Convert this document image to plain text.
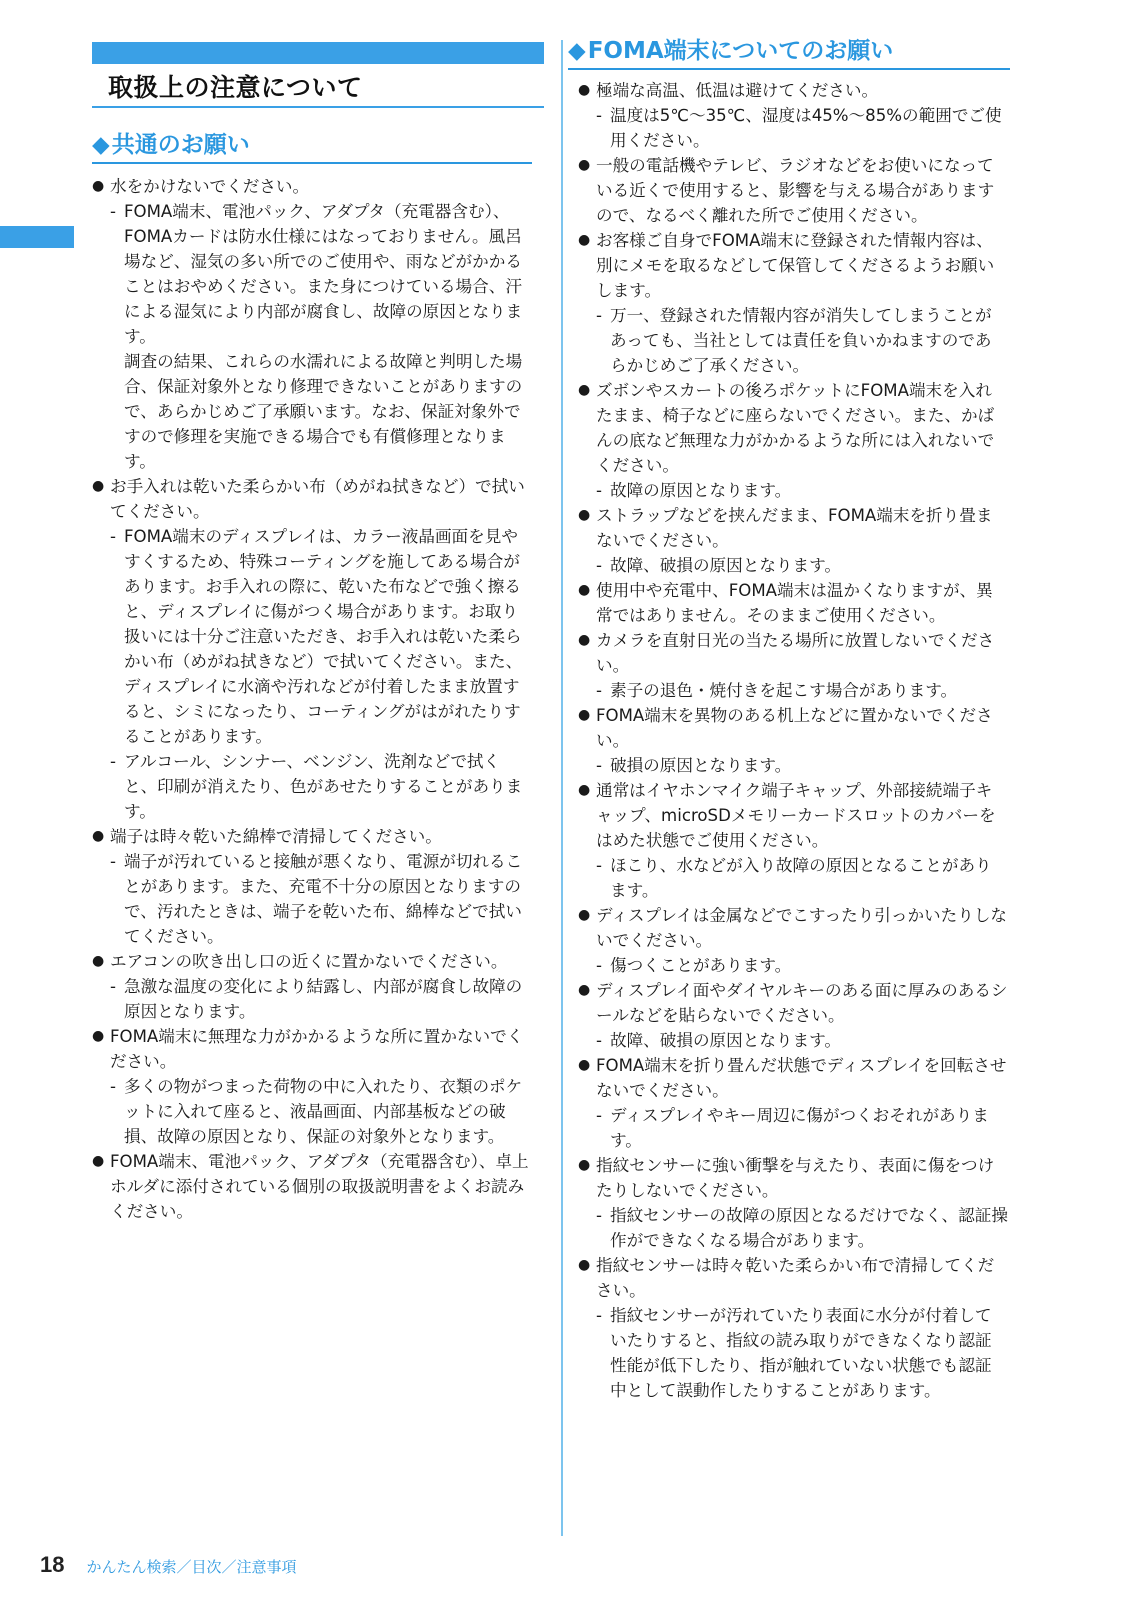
取扱上の注意について
◆共通のお願い
● 水をかけないでください。
- FOMA端末、電池パック、アダプタ（充電器含む）、FOMAカードは防水仕様にはなっておりません。風呂場など、湿気の多い所でのご使用や、雨などがかかることはおやめください。また身につけている場合、汗による湿気により内部が腐食し、故障の原因となります。
調査の結果、これらの水濡れによる故障と判明した場合、保証対象外となり修理できないことがありますので、あらかじめご了承願います。なお、保証対象外ですので修理を実施できる場合でも有償修理となります。
● お手入れは乾いた柔らかい布（めがね拭きなど）で拭いてください。
- FOMA端末のディスプレイは、カラー液晶画面を見やすくするため、特殊コーティングを施してある場合があります。お手入れの際に、乾いた布などで強く擦ると、ディスプレイに傷がつく場合があります。お取り扱いには十分ご注意いただき、お手入れは乾いた柔らかい布（めがね拭きなど）で拭いてください。また、ディスプレイに水滴や汚れなどが付着したまま放置すると、シミになったり、コーティングがはがれたりすることがあります。
- アルコール、シンナー、ベンジン、洗剤などで拭くと、印刷が消えたり、色があせたりすることがあります。
● 端子は時々乾いた綿棒で清掃してください。
- 端子が汚れていると接触が悪くなり、電源が切れることがあります。また、充電不十分の原因となりますので、汚れたときは、端子を乾いた布、綿棒などで拭いてください。
● エアコンの吹き出し口の近くに置かないでください。
- 急激な温度の変化により結露し、内部が腐食し故障の原因となります。
● FOMA端末に無理な力がかかるような所に置かないでください。
- 多くの物がつまった荷物の中に入れたり、衣類のポケットに入れて座ると、液晶画面、内部基板などの破損、故障の原因となり、保証の対象外となります。
● FOMA端末、電池パック、アダプタ（充電器含む）、卓上ホルダに添付されている個別の取扱説明書をよくお読みください。
◆FOMA端末についてのお願い
● 極端な高温、低温は避けてください。
- 温度は5℃～35℃、湿度は45%～85%の範囲でご使用ください。
● 一般の電話機やテレビ、ラジオなどをお使いになっている近くで使用すると、影響を与える場合がありますので、なるべく離れた所でご使用ください。
● お客様ご自身でFOMA端末に登録された情報内容は、別にメモを取るなどして保管してくださるようお願いします。
- 万一、登録された情報内容が消失してしまうことがあっても、当社としては責任を負いかねますのであらかじめご了承ください。
● ズボンやスカートの後ろポケットにFOMA端末を入れたまま、椅子などに座らないでください。また、かばんの底など無理な力がかかるような所には入れないでください。
- 故障の原因となります。
● ストラップなどを挟んだまま、FOMA端末を折り畳まないでください。
- 故障、破損の原因となります。
● 使用中や充電中、FOMA端末は温かくなりますが、異常ではありません。そのままご使用ください。
● カメラを直射日光の当たる場所に放置しないでください。
- 素子の退色・焼付きを起こす場合があります。
● FOMA端末を異物のある机上などに置かないでください。
- 破損の原因となります。
● 通常はイヤホンマイク端子キャップ、外部接続端子キャップ、microSDメモリーカードスロットのカバーをはめた状態でご使用ください。
- ほこり、水などが入り故障の原因となることがあります。
● ディスプレイは金属などでこすったり引っかいたりしないでください。
- 傷つくことがあります。
● ディスプレイ面やダイヤルキーのある面に厚みのあるシールなどを貼らないでください。
- 故障、破損の原因となります。
● FOMA端末を折り畳んだ状態でディスプレイを回転させないでください。
- ディスプレイやキー周辺に傷がつくおそれがあります。
● 指紋センサーに強い衝撃を与えたり、表面に傷をつけたりしないでください。
- 指紋センサーの故障の原因となるだけでなく、認証操作ができなくなる場合があります。
● 指紋センサーは時々乾いた柔らかい布で清掃してください。
- 指紋センサーが汚れていたり表面に水分が付着していたりすると、指紋の読み取りができなくなり認証性能が低下したり、指が触れていない状態でも認証中として誤動作したりすることがあります。
18 かんたん検索／目次／注意事項
